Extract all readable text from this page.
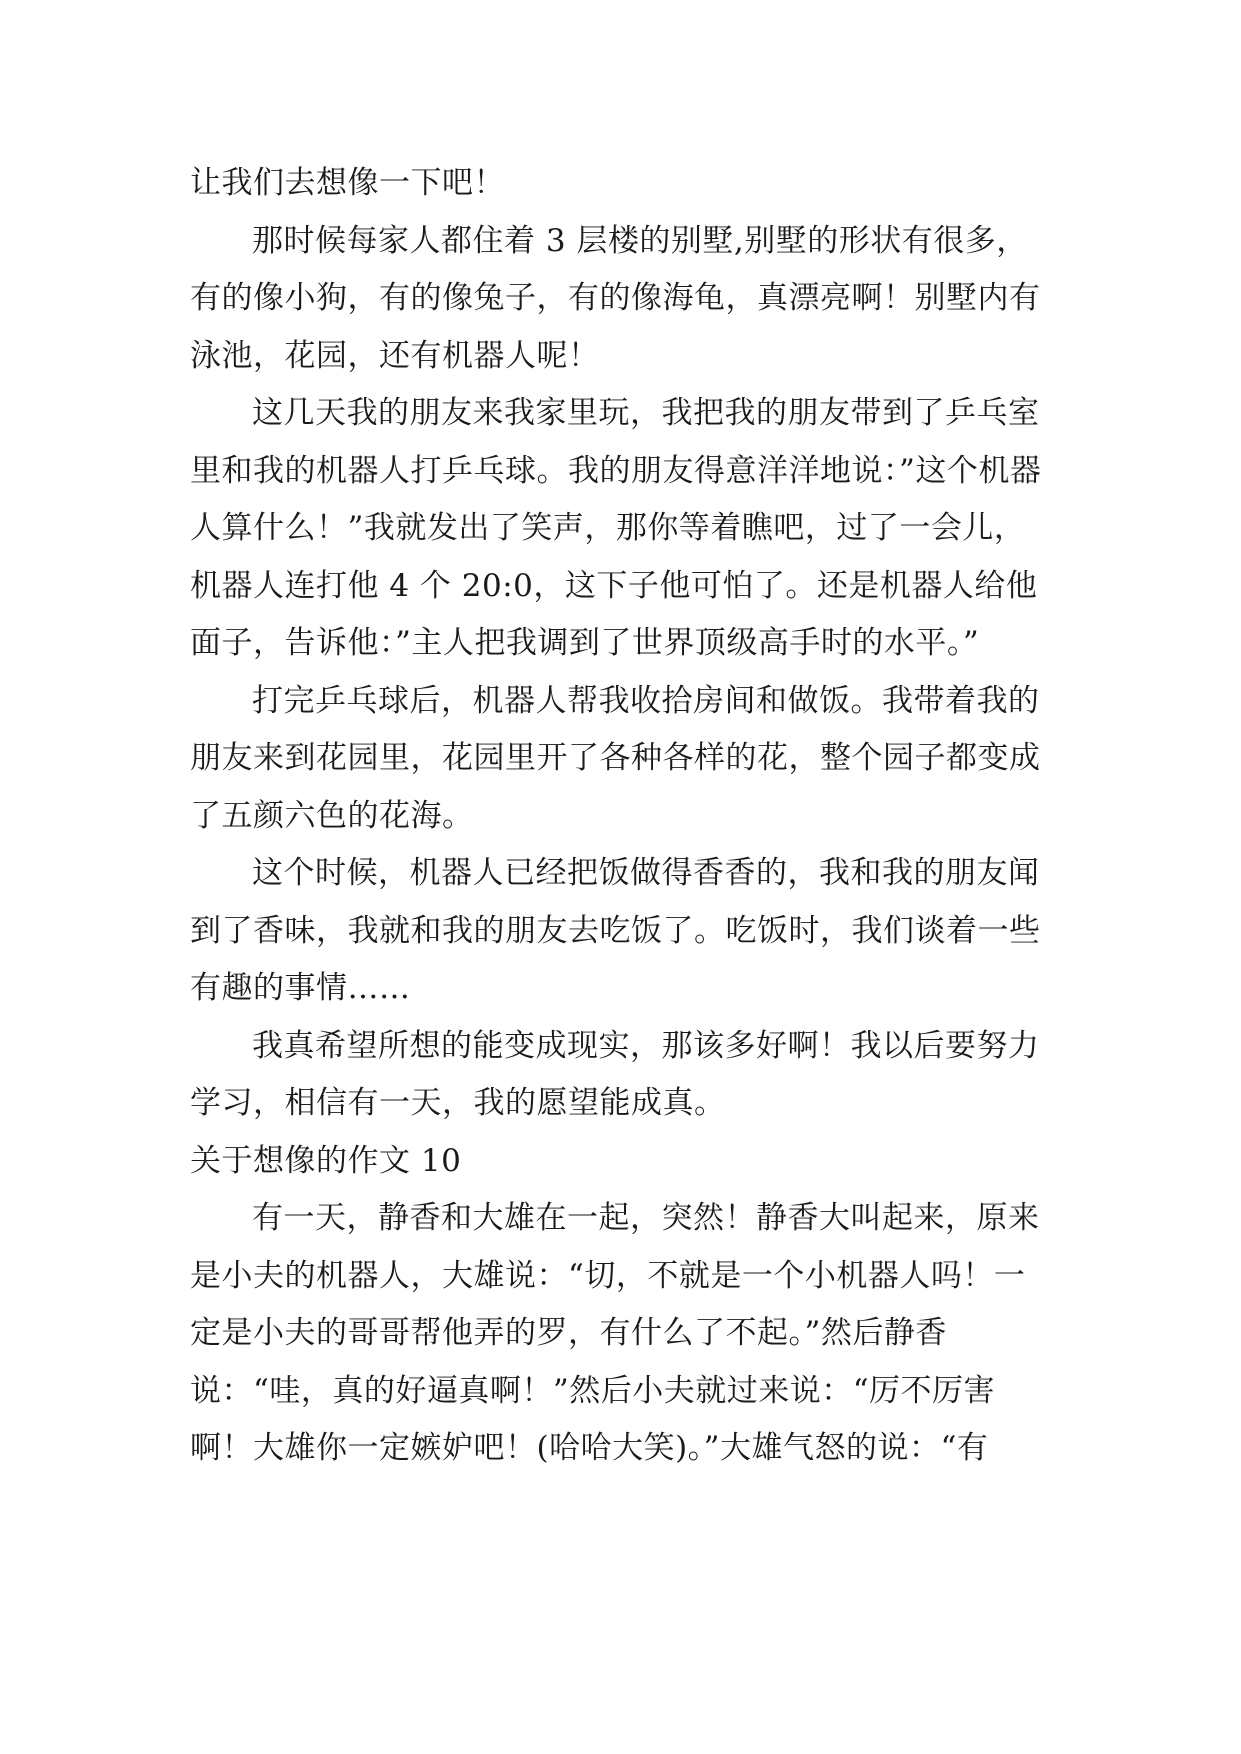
让我们去想像一下吧！

那时候每家人都住着 3 层楼的别墅,别墅的形状有很多，有的像小狗，有的像兔子，有的像海龟，真漂亮啊！别墅内有泳池，花园，还有机器人呢！

这几天我的朋友来我家里玩，我把我的朋友带到了乒乓室里和我的机器人打乒乓球。我的朋友得意洋洋地说：”这个机器人算什么！”我就发出了笑声，那你等着瞧吧，过了一会儿，机器人连打他 4 个 20:0，这下子他可怕了。还是机器人给他面子，告诉他：”主人把我调到了世界顶级高手时的水平。”

打完乒乓球后，机器人帮我收拾房间和做饭。我带着我的朋友来到花园里，花园里开了各种各样的花，整个园子都变成了五颜六色的花海。

这个时候，机器人已经把饭做得香香的，我和我的朋友闻到了香味，我就和我的朋友去吃饭了。吃饭时，我们谈着一些有趣的事情……

我真希望所想的能变成现实，那该多好啊！我以后要努力学习，相信有一天，我的愿望能成真。

关于想像的作文 10

有一天，静香和大雄在一起，突然！静香大叫起来，原来是小夫的机器人，大雄说：“切，不就是一个小机器人吗！一定是小夫的哥哥帮他弄的罗，有什么了不起。”然后静香说：“哇，真的好逼真啊！”然后小夫就过来说：“厉不厉害啊！大雄你一定嫉妒吧！(哈哈大笑)。”大雄气怒的说：“有
